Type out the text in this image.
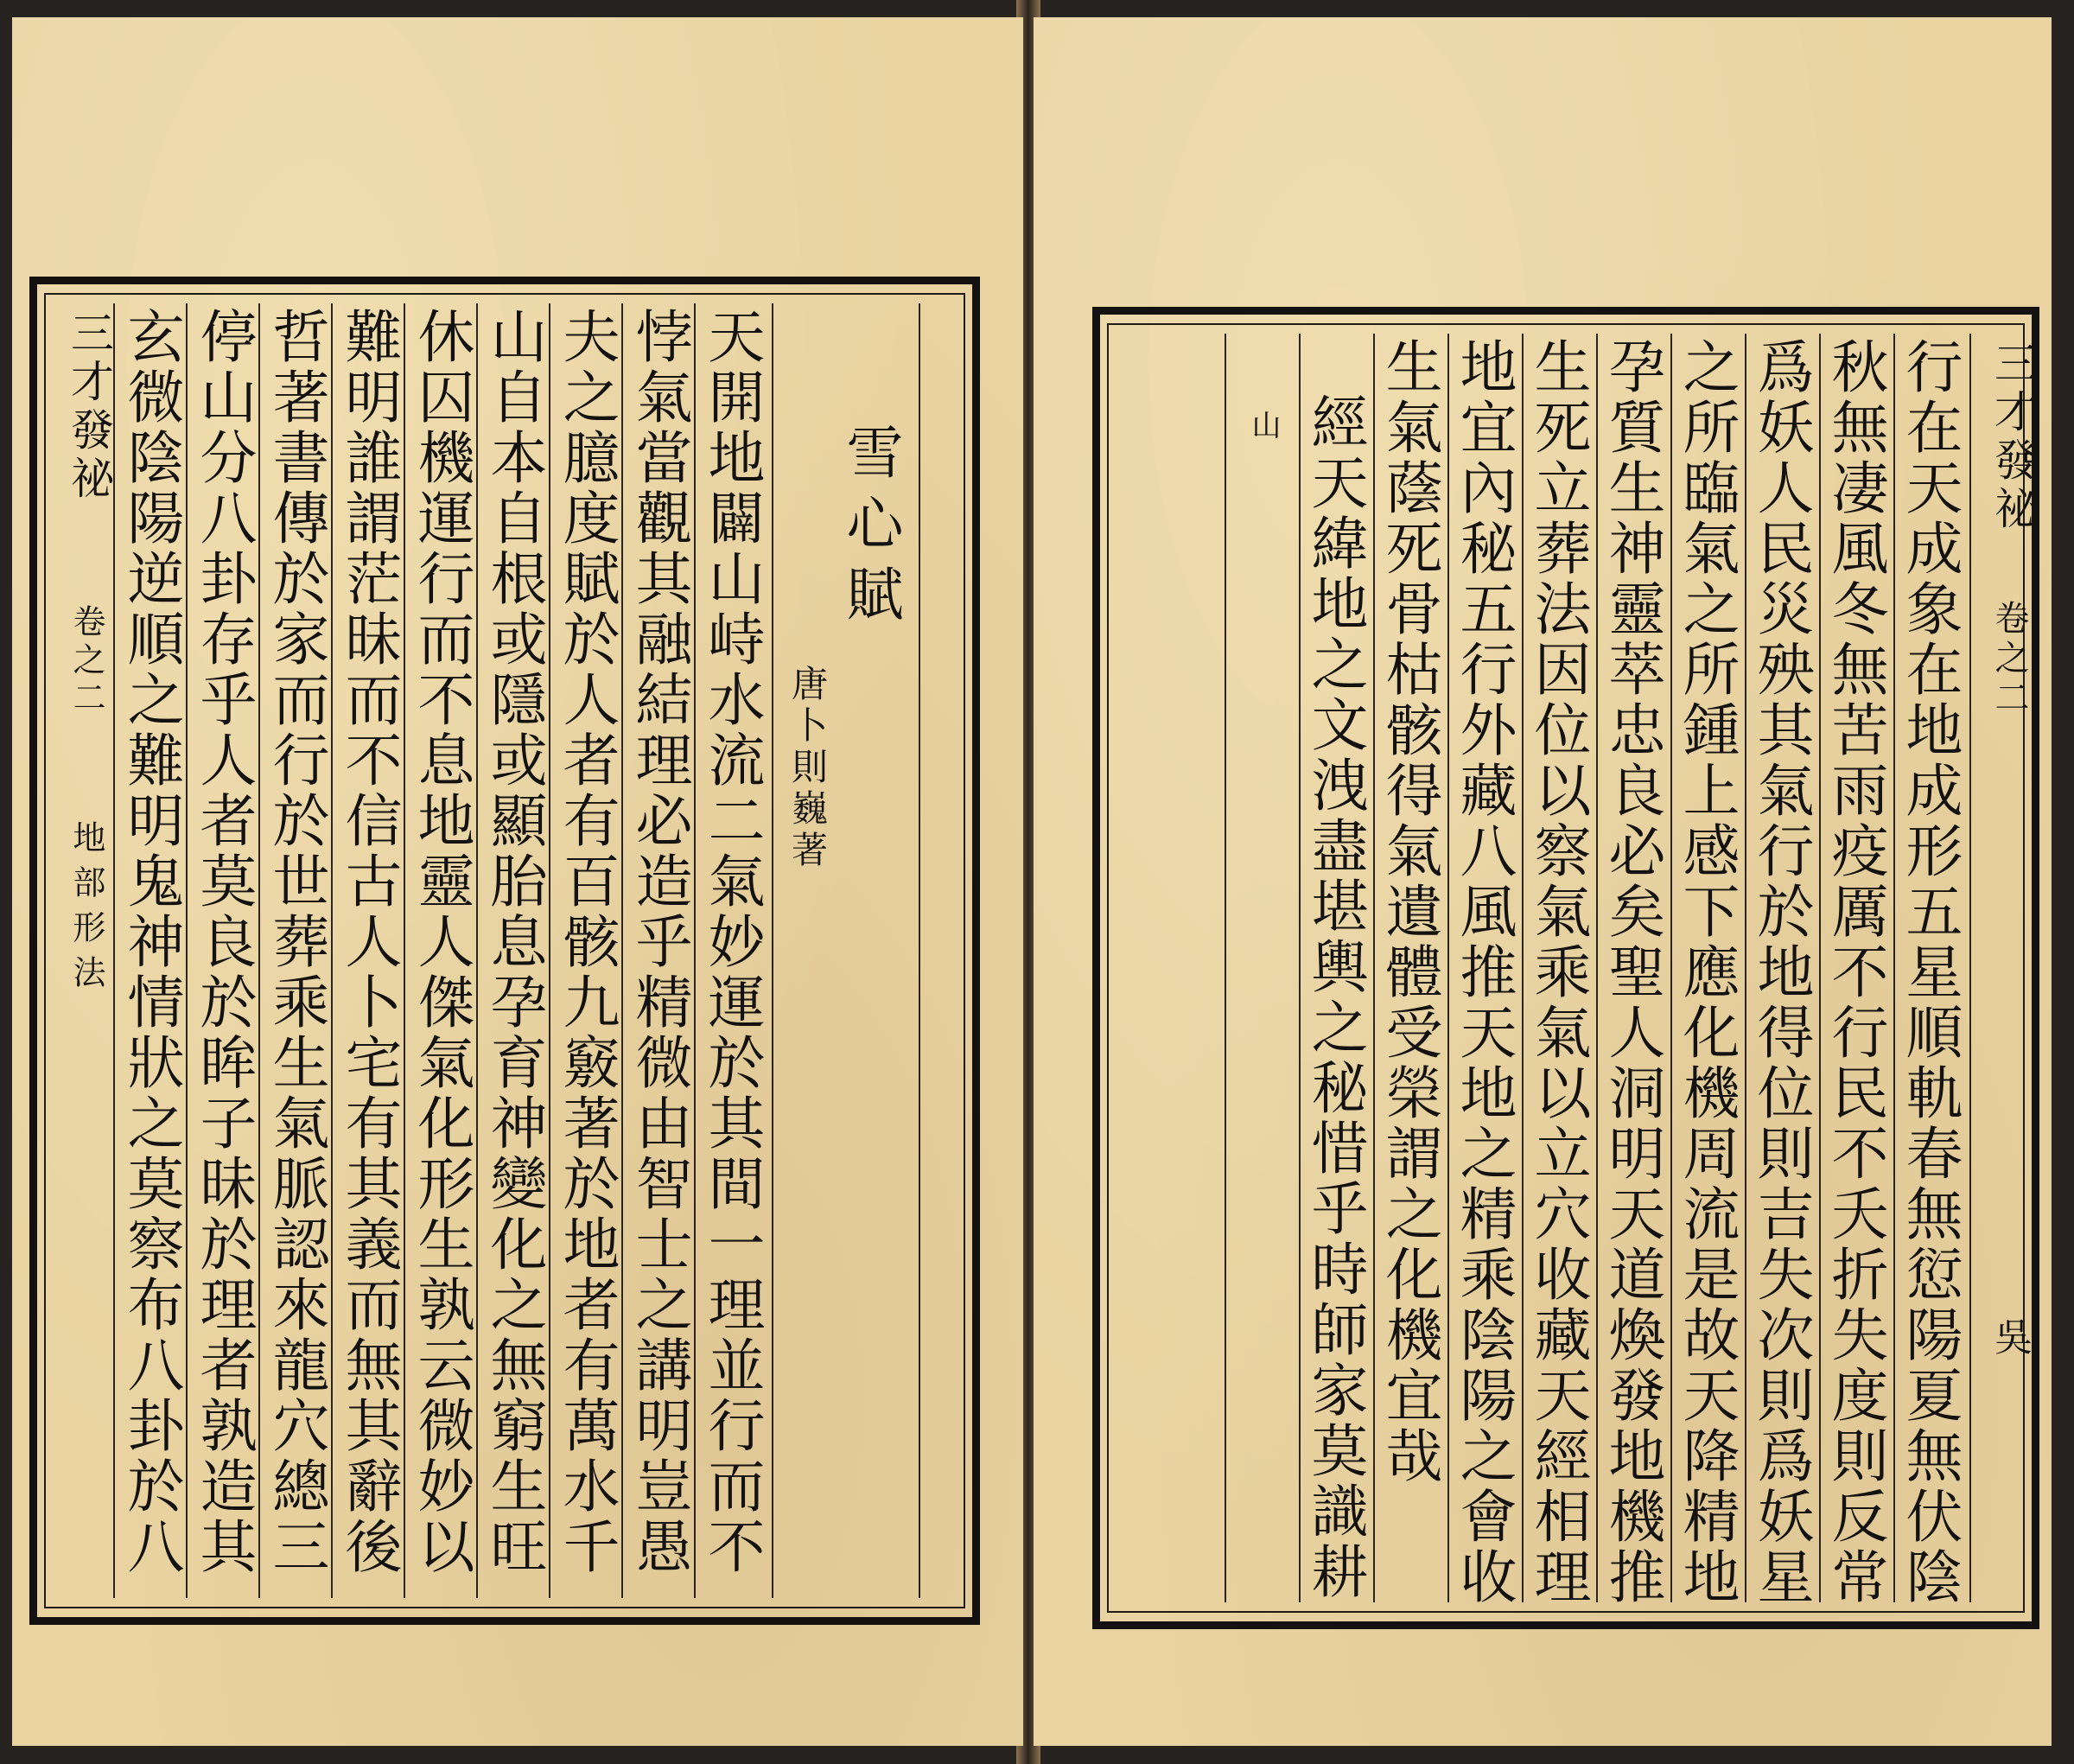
雪心賦
唐卜則巍著
天開地闢山峙水流二氣妙運於其間一理並行而不
悖氣當觀其融結理必造乎精微由智士之講明豈愚
夫之臆度賦於人者有百骸九竅著於地者有萬水千
山自本自根或隱或顯胎息孕育神變化之無窮生旺
休囚機運行而不息地靈人傑氣化形生孰云微妙以
難明誰謂茫昧而不信古人卜宅有其義而無其辭後
哲著書傳於家而行於世葬乘生氣脈認來龍穴總三
停山分八卦存乎人者莫良於眸子昧於理者孰造其
玄微陰陽逆順之難明鬼神情狀之莫察布八卦於八
三才發祕
卷之二
地部形法
三才發祕
卷之二
吳
行在天成象在地成形五星順軌春無愆陽夏無伏陰
秋無凄風冬無苦雨疫厲不行民不夭折失度則反常
爲妖人民災殃其氣行於地得位則吉失次則爲妖星
之所臨氣之所鍾上感下應化機周流是故天降精地
孕質生神靈萃忠良必矣聖人洞明天道煥發地機推
生死立葬法因位以察氣乘氣以立穴收藏天經相理
地宜內秘五行外藏八風推天地之精乘陰陽之會收
生氣蔭死骨枯骸得氣遺體受榮謂之化機宜哉
經天緯地之文洩盡堪輿之秘惜乎時師家莫識耕
山
